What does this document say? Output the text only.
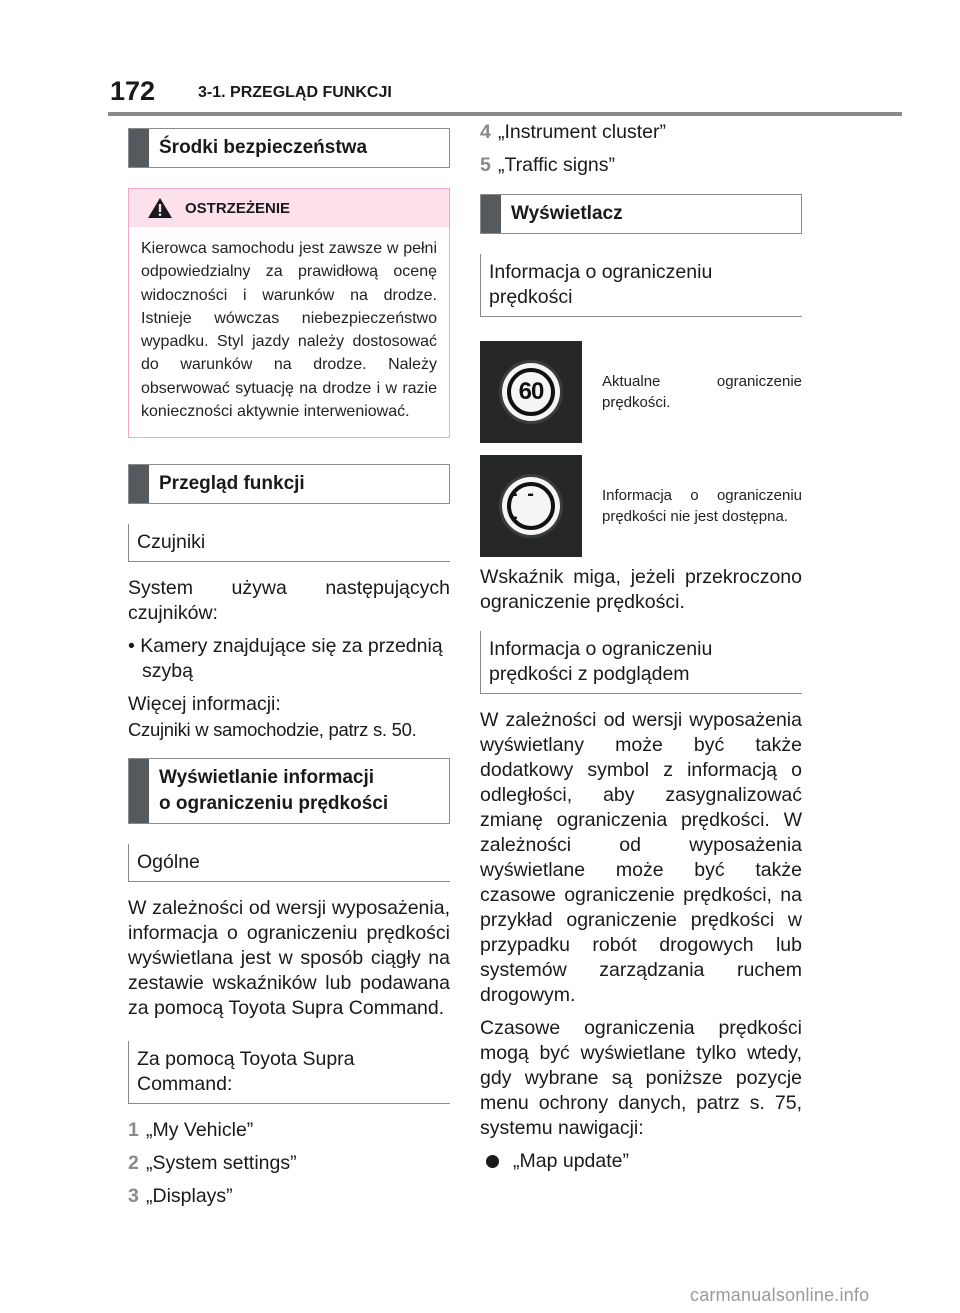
172	3-1. PRZEGLĄD FUNKCJI
Środki bezpieczeństwa
OSTRZEŻENIE
Kierowca samochodu jest zawsze w pełni odpowiedzialny za prawidłową ocenę widoczności i warunków na drodze. Istnieje wówczas niebezpieczeństwo wypadku. Styl jazdy należy dostosować do warunków na drodze. Należy obserwować sytuację na drodze i w razie konieczności aktywnie interweniować.
Przegląd funkcji
Czujniki

System używa następujących czujników:

• Kamery znajdujące się za przednią szybą

Więcej informacji:

Czujniki w samochodzie, patrz s. 50.

Wyświetlanie informacji
o ograniczeniu prędkości
Ogólne

W zależności od wersji wyposażenia, informacja o ograniczeniu prędkości wyświetlana jest w sposób ciągły na zestawie wskaźników lub podawana za pomocą Toyota Supra Command.

Za pomocą Toyota Supra Command:
1 „My Vehicle”
2 „System settings”
3 „Displays”
4 „Instrument cluster”
5 „Traffic signs”
Wyświetlacz
Informacja o ograniczeniu prędkości
60	Aktualne ograniczenie prędkości.
- - -
Informacja o ograniczeniu prędkości nie jest dostępna.

Wskaźnik miga, jeżeli przekroczono ograniczenie prędkości.

Informacja o ograniczeniu prędkości z podglądem

W zależności od wersji wyposażenia wyświetlany może być także dodatkowy symbol z informacją o odległości, aby zasygnalizować zmianę ograniczenia prędkości. W zależności od wyposażenia wyświetlane może być także czasowe ograniczenie prędkości, na przykład ograniczenie prędkości w przypadku robót drogowych lub systemów zarządzania ruchem drogowym.

Czasowe ograniczenia prędkości mogą być wyświetlane tylko wtedy, gdy wybrane są poniższe pozycje menu ochrony danych, patrz s. 75, systemu nawigacji:

„Map update”
carmanualsonline.info
